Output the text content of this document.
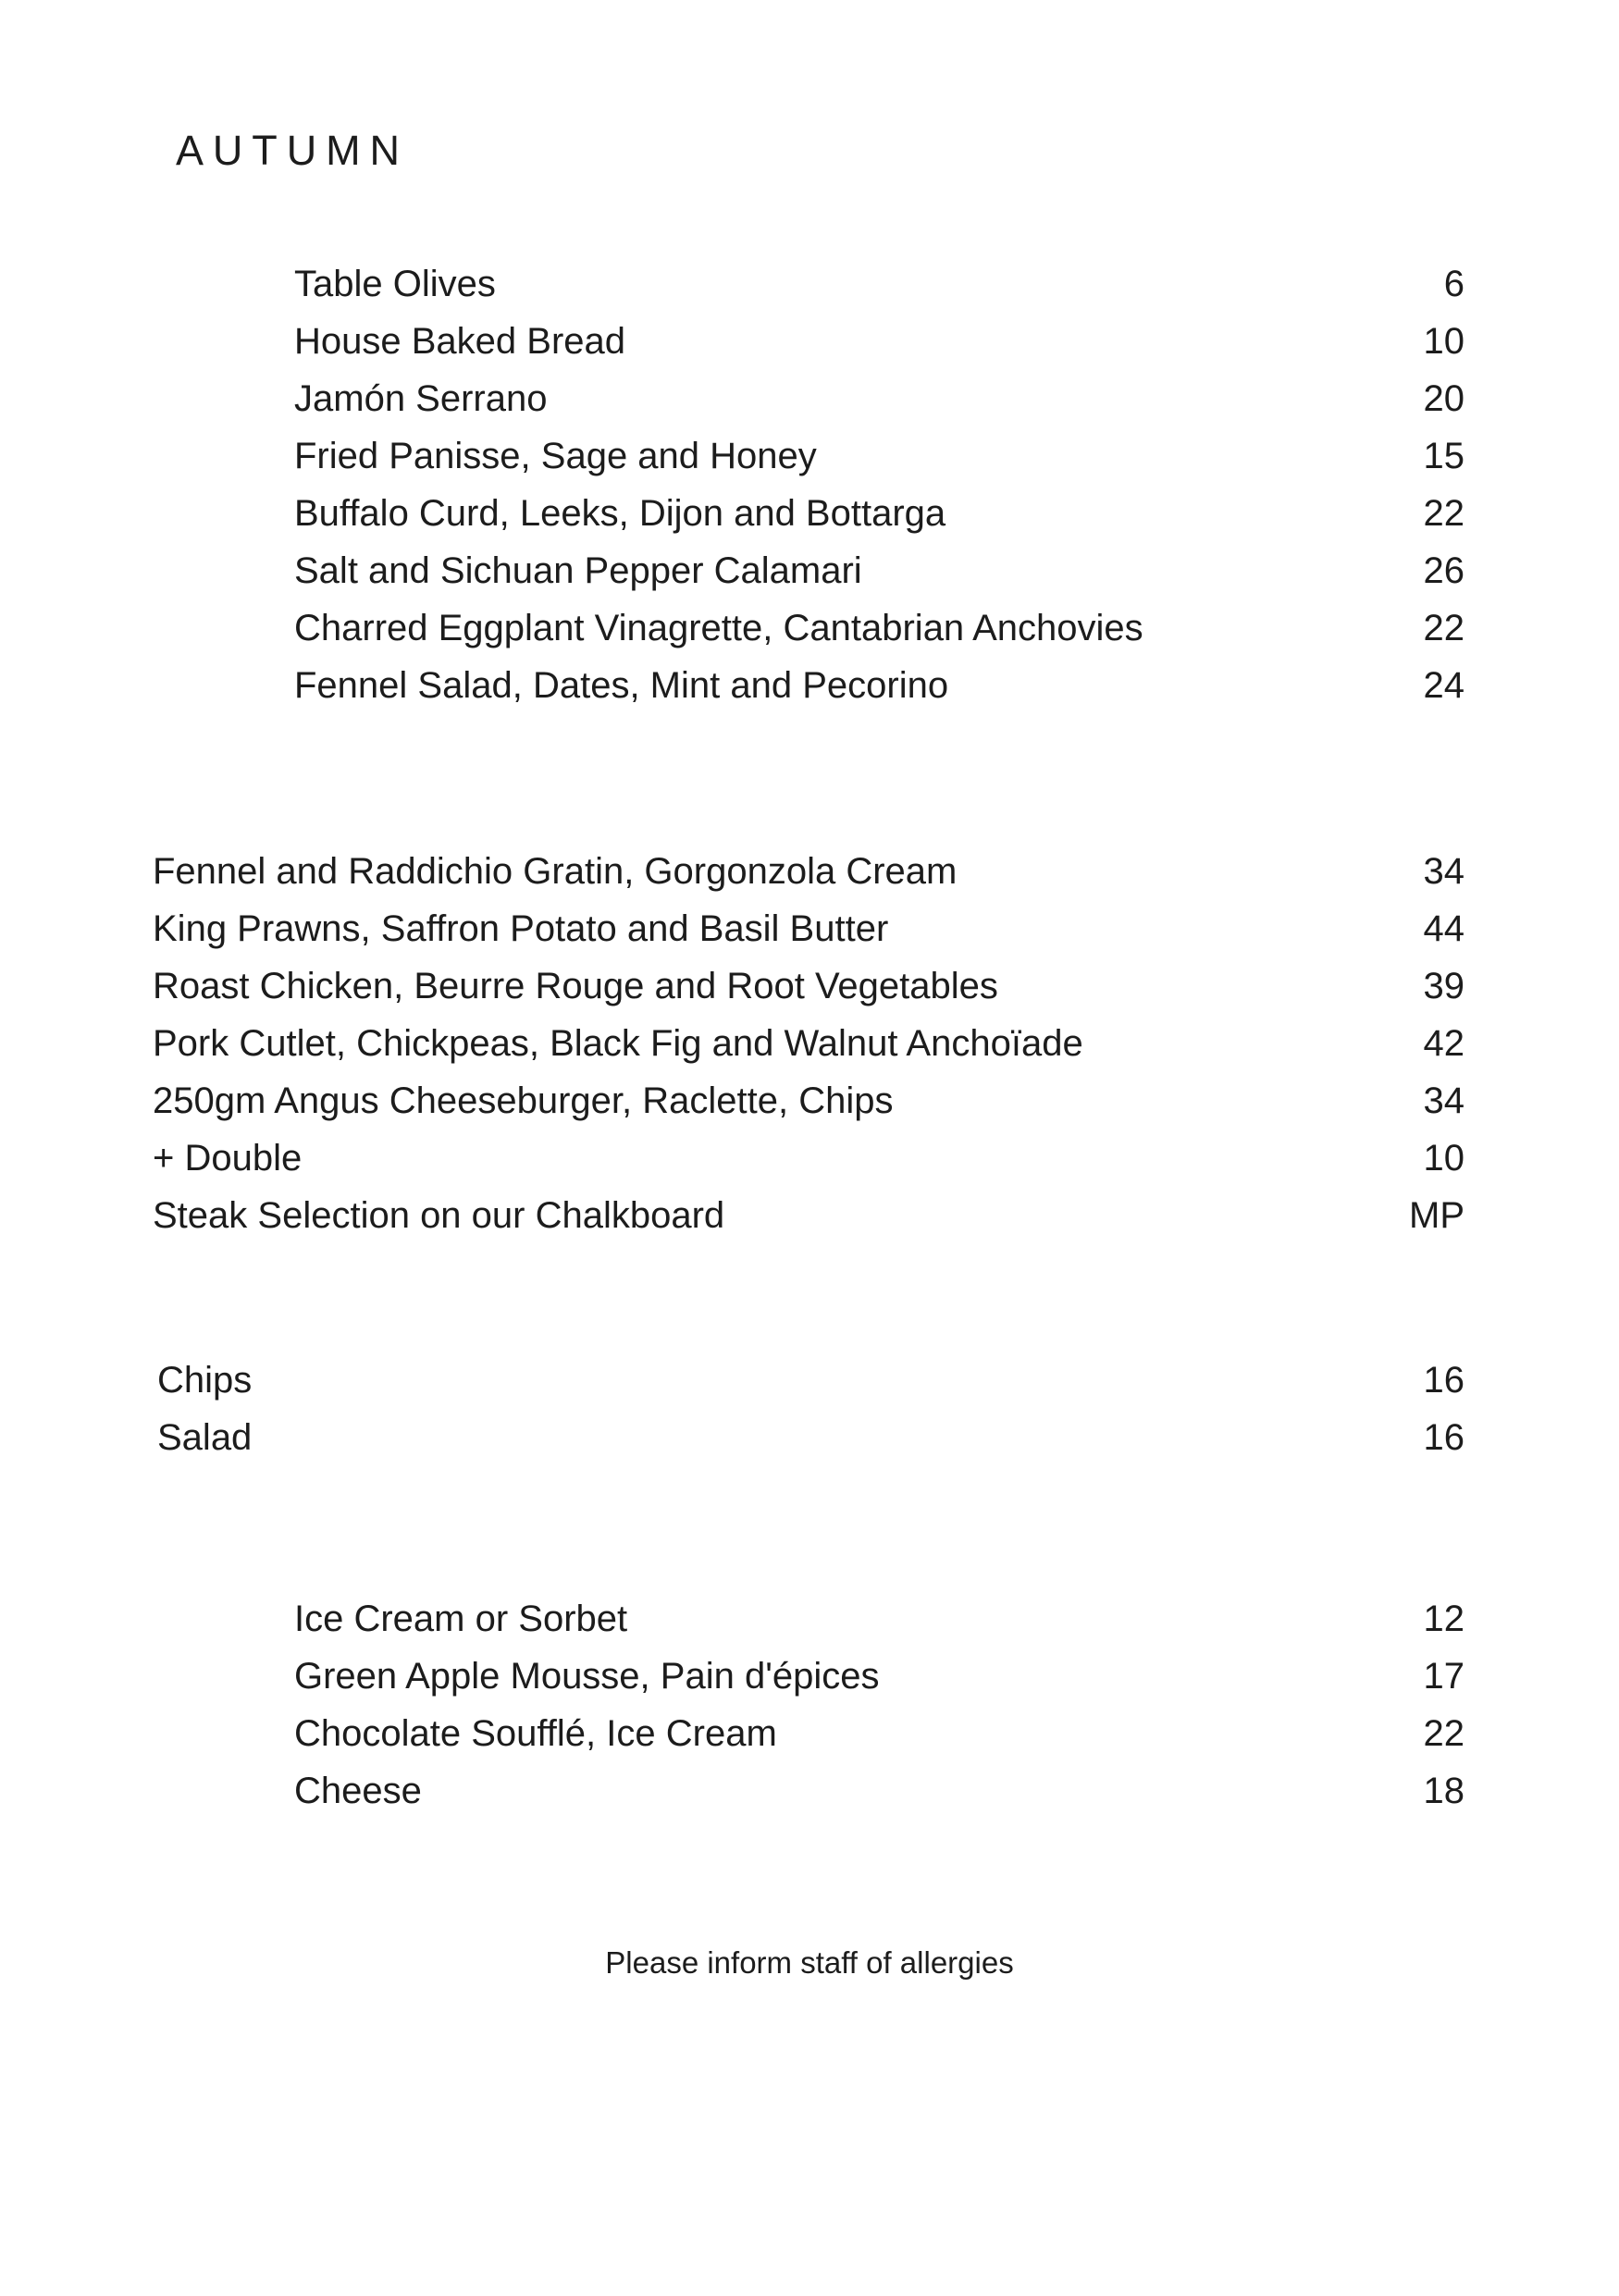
AUTUMN
Table Olives	6
House Baked Bread	10
Jamón Serrano	20
Fried Panisse, Sage and Honey	15
Buffalo Curd, Leeks, Dijon and Bottarga	22
Salt and Sichuan Pepper Calamari	26
Charred Eggplant Vinagrette, Cantabrian Anchovies	22
Fennel Salad, Dates, Mint and Pecorino	24
Fennel and Raddichio Gratin, Gorgonzola Cream	34
King Prawns, Saffron Potato and Basil Butter	44
Roast Chicken, Beurre Rouge and Root Vegetables	39
Pork Cutlet, Chickpeas, Black Fig and Walnut Anchoïade	42
250gm Angus Cheeseburger, Raclette, Chips	34
+ Double	10
Steak Selection on our Chalkboard	MP
Chips	16
Salad	16
Ice Cream or Sorbet	12
Green Apple Mousse, Pain d'épices	17
Chocolate Soufflé, Ice Cream	22
Cheese	18
Please inform staff of allergies
